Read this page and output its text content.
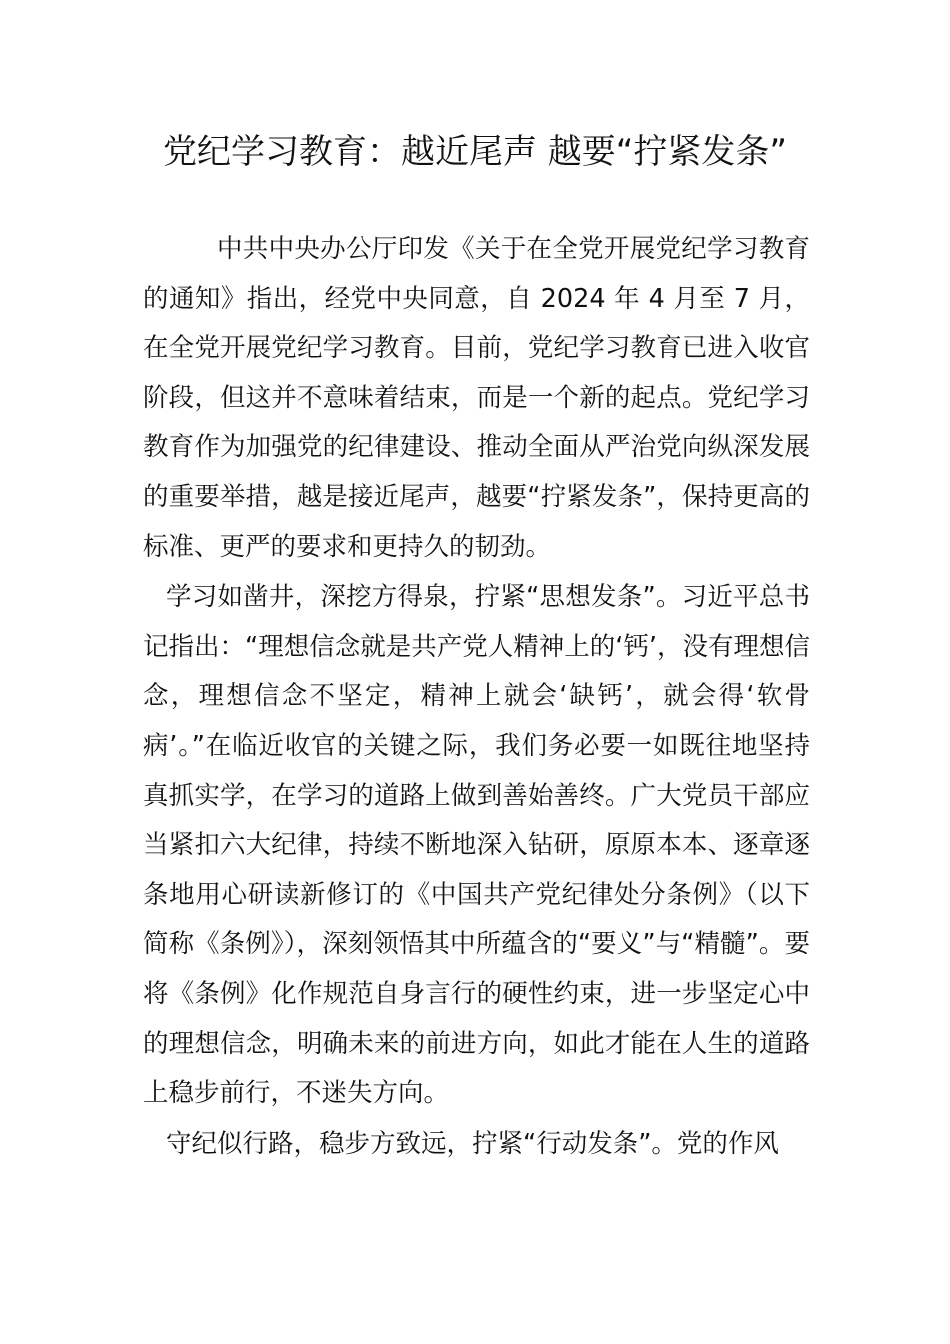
党纪学习教育：越近尾声 越要“拧紧发条”

中共中央办公厅印发《关于在全党开展党纪学习教育的通知》指出，经党中央同意，自 2024 年 4 月至 7 月，在全党开展党纪学习教育。目前，党纪学习教育已进入收官阶段，但这并不意味着结束，而是一个新的起点。党纪学习教育作为加强党的纪律建设、推动全面从严治党向纵深发展的重要举措，越是接近尾声，越要“拧紧发条”，保持更高的标准、更严的要求和更持久的韧劲。

学习如凿井，深挖方得泉，拧紧“思想发条”。习近平总书记指出：“理想信念就是共产党人精神上的‘钙’，没有理想信念，理想信念不坚定，精神上就会‘缺钙’，就会得‘软骨病’。”在临近收官的关键之际，我们务必要一如既往地坚持真抓实学，在学习的道路上做到善始善终。广大党员干部应当紧扣六大纪律，持续不断地深入钻研，原原本本、逐章逐条地用心研读新修订的《中国共产党纪律处分条例》（以下简称《条例》），深刻领悟其中所蕴含的“要义”与“精髓”。要将《条例》化作规范自身言行的硬性约束，进一步坚定心中的理想信念，明确未来的前进方向，如此才能在人生的道路上稳步前行，不迷失方向。

守纪似行路，稳步方致远，拧紧“行动发条”。党的作风
